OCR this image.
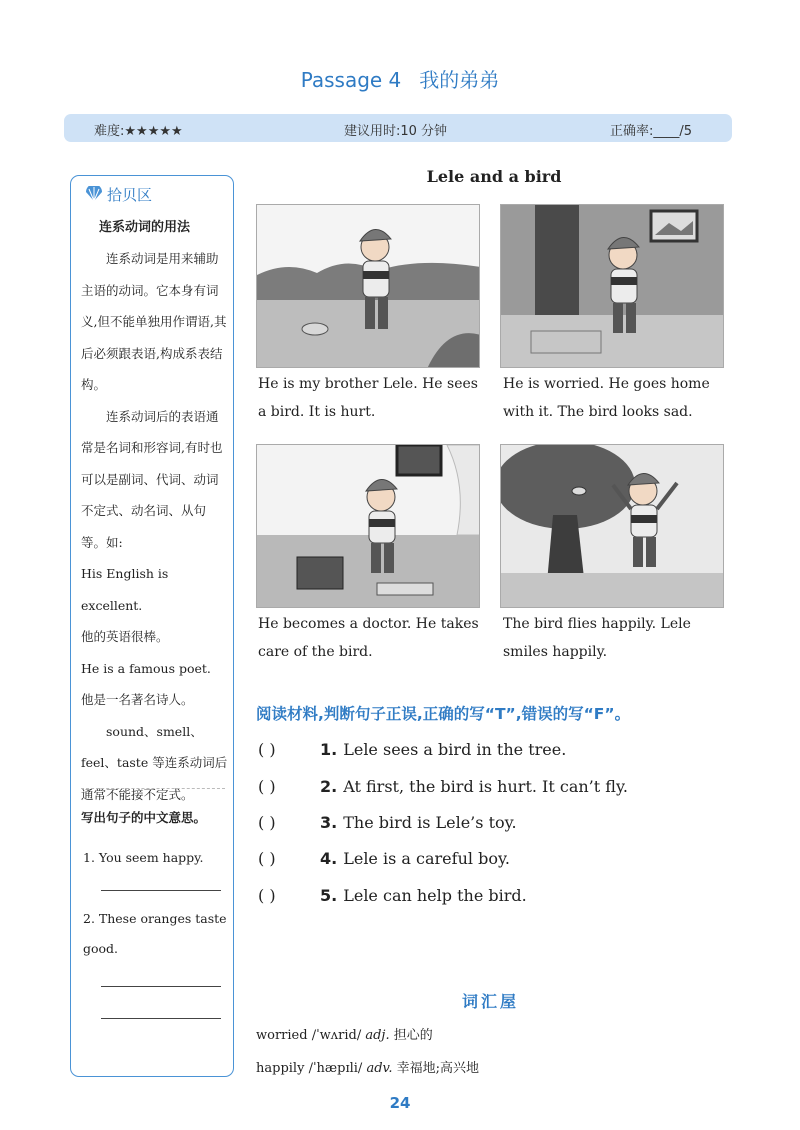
Passage 4 我的弟弟
难度:★★★★★	建议用时:10 分钟	正确率:____/5
拾贝区
连系动词的用法

连系动词是用来辅助主语的动词。它本身有词义,但不能单独用作谓语,其后必须跟表语,构成系表结构。

连系动词后的表语通常是名词和形容词,有时也可以是副词、代词、动词不定式、动名词、从句等。如:

His English is excellent.

他的英语很棒。

He is a famous poet.

他是一名著名诗人。

sound、smell、feel、taste 等连系动词后通常不能接不定式。

写出句子的中文意思。
1. You seem happy.
2. These oranges taste good.
Lele and a bird
He is my brother Lele. He sees a bird. It is hurt.
He is worried. He goes home with it. The bird looks sad.
He becomes a doctor. He takes care of the bird.
The bird flies happily. Lele smiles happily.
阅读材料,判断句子正误,正确的写“T”,错误的写“F”。
( )	1. Lele sees a bird in the tree.
( )	2. At first, the bird is hurt. It can’t fly.
( )	3. The bird is Lele’s toy.
( )	4. Lele is a careful boy.
( )	5. Lele can help the bird.
词汇屋
worried /ˈwʌrid/ adj. 担心的
happily /ˈhæpɪli/ adv. 幸福地;高兴地
24
